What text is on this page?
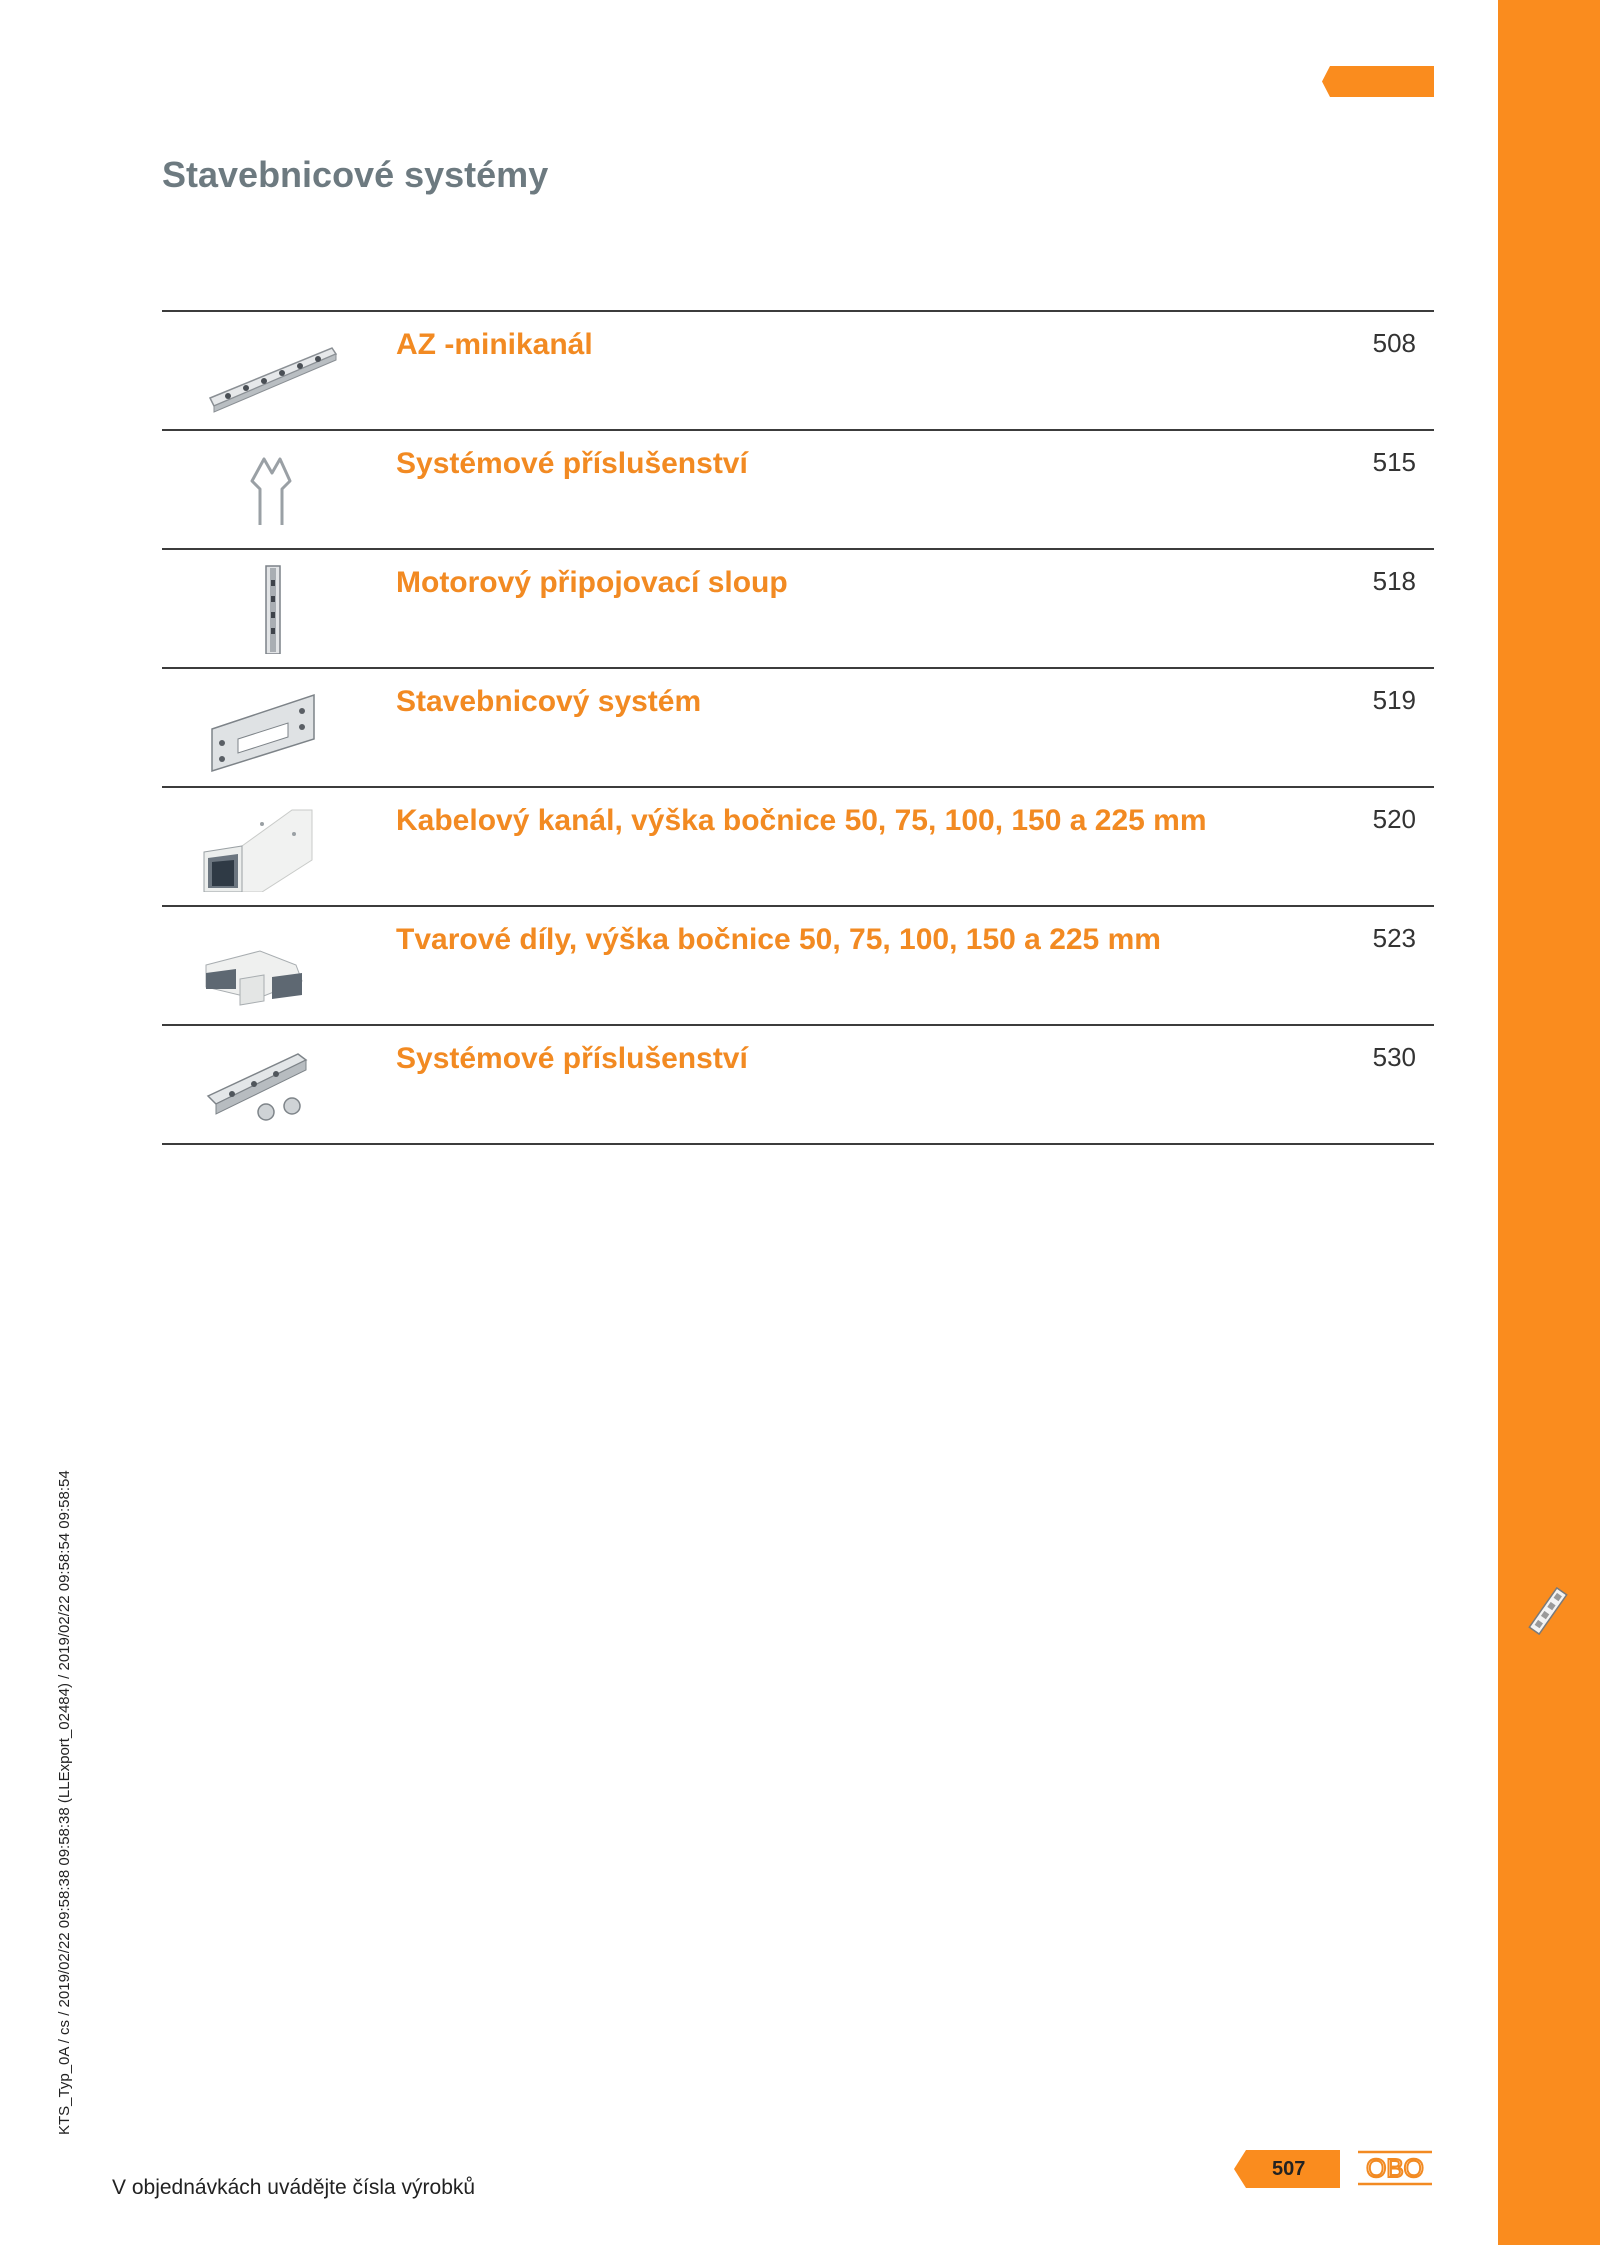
Stavebnicové systémy
AZ -minikanál	508
Systémové příslušenství	515
Motorový připojovací sloup	518
Stavebnicový systém	519
Kabelový kanál, výška bočnice 50, 75, 100, 150 a 225 mm	520
Tvarové díly, výška bočnice 50, 75, 100, 150 a 225 mm	523
Systémové příslušenství	530
KTS_Typ_0A / cs / 2019/02/22 09:58:38 09:58:38 (LLExport_02484) / 2019/02/22 09:58:54 09:58:54
V objednávkách uvádějte čísla výrobků
507 OBO
